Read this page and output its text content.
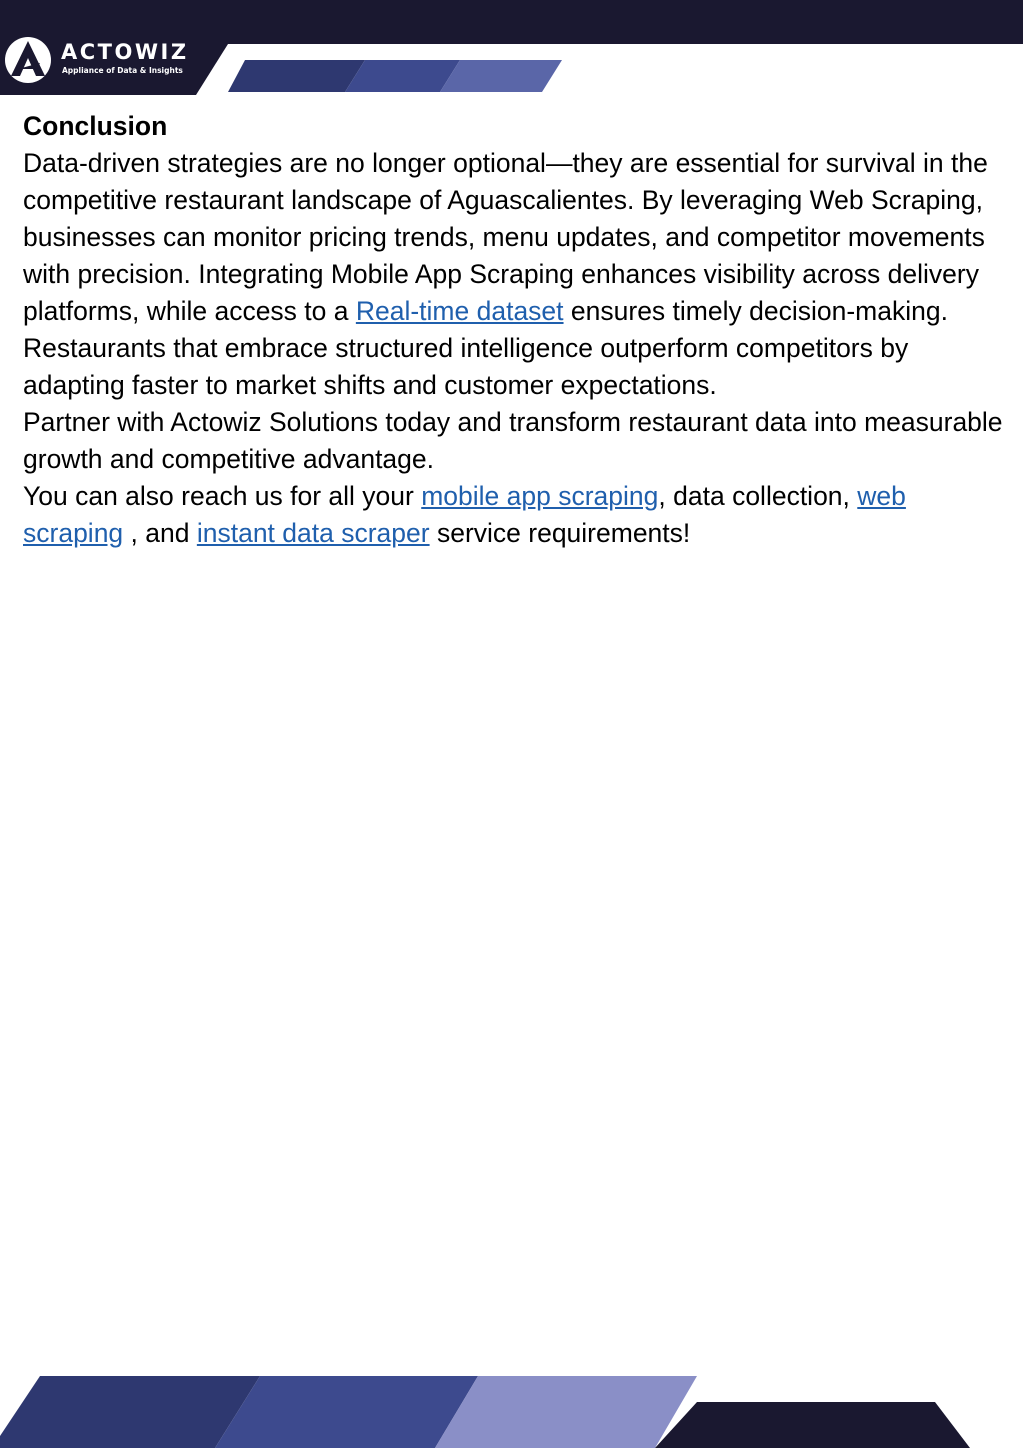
ACTOWIZ
Appliance of Data & Insights

Conclusion

Data-driven strategies are no longer optional—they are essential for survival in the competitive restaurant landscape of Aguascalientes. By leveraging Web Scraping, businesses can monitor pricing trends, menu updates, and competitor movements with precision. Integrating Mobile App Scraping enhances visibility across delivery platforms, while access to a Real-time dataset ensures timely decision-making. Restaurants that embrace structured intelligence outperform competitors by adapting faster to market shifts and customer expectations.

Partner with Actowiz Solutions today and transform restaurant data into measurable growth and competitive advantage.

You can also reach us for all your mobile app scraping, data collection, web scraping , and instant data scraper service requirements!
